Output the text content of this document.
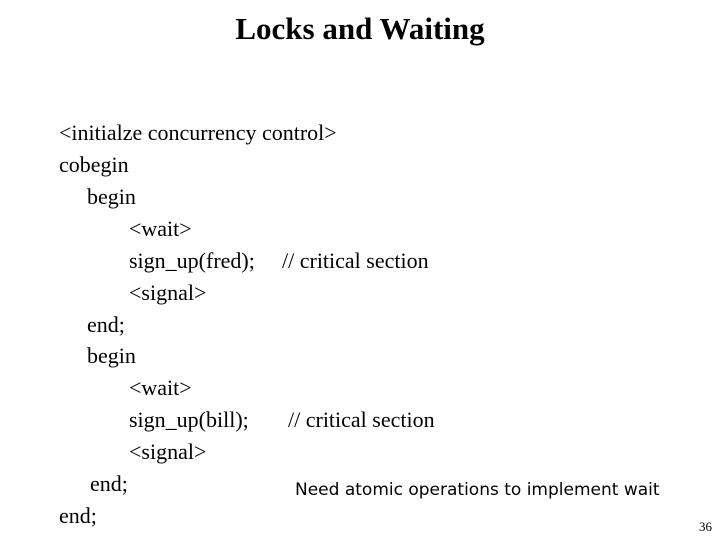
Locks and Waiting
<initialze concurrency control>
cobegin
begin
<wait>
sign_up(fred); // critical section
<signal>
end;
begin
<wait>
sign_up(bill); // critical section
<signal>
end;
end;
Need atomic operations to implement wait
36
